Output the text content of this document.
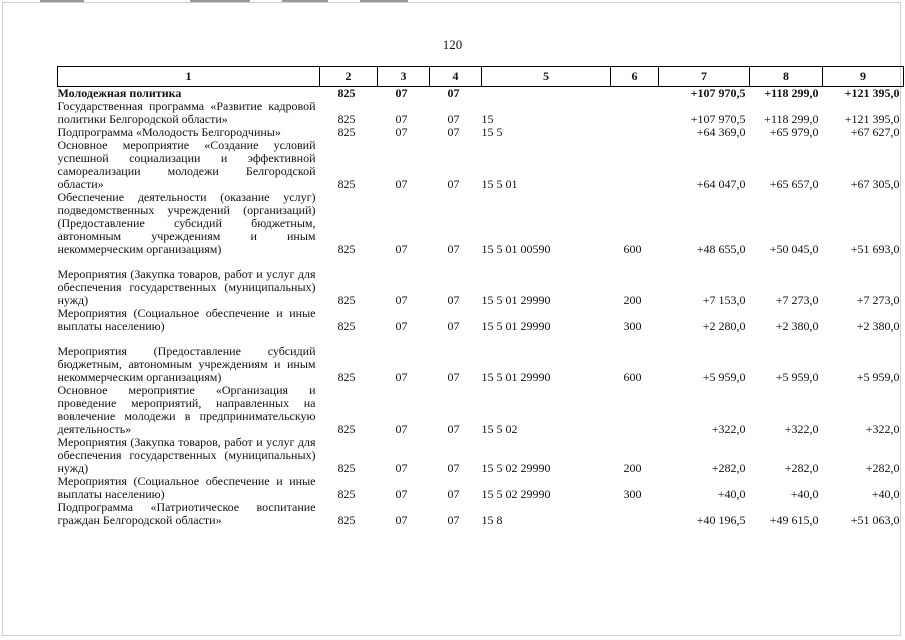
120
1	2	3	4	5	6	7	8	9
Молодежная политика	825	07	07			+107 970,5	+118 299,0	+121 395,0
Государственная программа «Развитие кадровой политики Белгородской области»	825	07	07	15		+107 970,5	+118 299,0	+121 395,0
Подпрограмма «Молодость Белгородчины»	825	07	07	15 5		+64 369,0	+65 979,0	+67 627,0
Основное мероприятие «Создание условий успешной социализации и эффективной самореализации молодежи Белгородской области»	825	07	07	15 5 01		+64 047,0	+65 657,0	+67 305,0
Обеспечение деятельности (оказание услуг) подведомственных учреждений (организаций) (Предоставление субсидий бюджетным, автономным учреждениям и иным некоммерческим организациям)	825	07	07	15 5 01 00590	600	+48 655,0	+50 045,0	+51 693,0

Мероприятия (Закупка товаров, работ и услуг для обеспечения государственных (муниципальных) нужд)	825	07	07	15 5 01 29990	200	+7 153,0	+7 273,0	+7 273,0
Мероприятия (Социальное обеспечение и иные выплаты населению)	825	07	07	15 5 01 29990	300	+2 280,0	+2 380,0	+2 380,0

Мероприятия (Предоставление субсидий бюджетным, автономным учреждениям и иным некоммерческим организациям)	825	07	07	15 5 01 29990	600	+5 959,0	+5 959,0	+5 959,0
Основное мероприятие «Организация и проведение мероприятий, направленных на вовлечение молодежи в предпринимательскую деятельность»	825	07	07	15 5 02		+322,0	+322,0	+322,0
Мероприятия (Закупка товаров, работ и услуг для обеспечения государственных (муниципальных) нужд)	825	07	07	15 5 02 29990	200	+282,0	+282,0	+282,0
Мероприятия (Социальное обеспечение и иные выплаты населению)	825	07	07	15 5 02 29990	300	+40,0	+40,0	+40,0
Подпрограмма «Патриотическое воспитание граждан Белгородской области»	825	07	07	15 8		+40 196,5	+49 615,0	+51 063,0
